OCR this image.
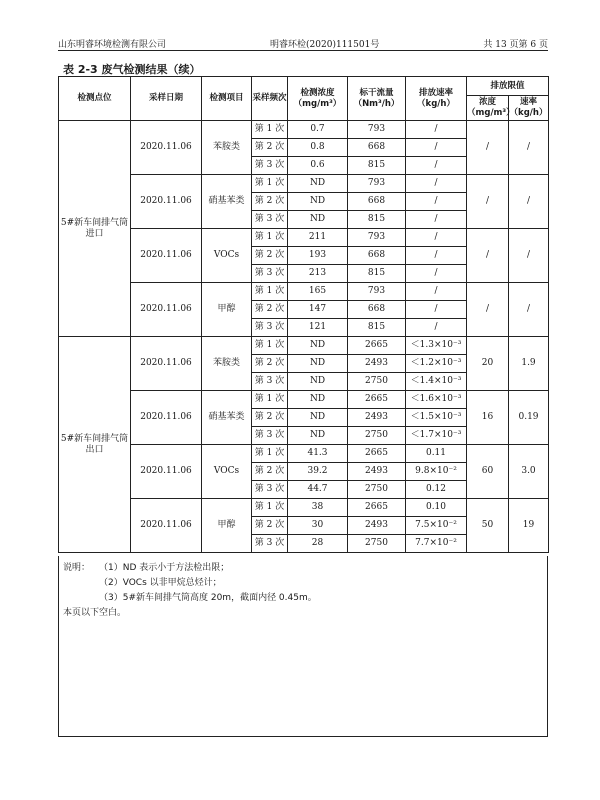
山东明睿环境检测有限公司	明睿环检(2020)111501号	共 13 页第 6 页
表 2-3 废气检测结果（续）
检测点位	采样日期	检测项目	采样频次	检测浓度（mg/m³）	标干流量（Nm³/h）	排放速率（kg/h）	排放限值	
							浓度（mg/m³）	速率（kg/h）
5#新车间排气筒进口	2020.11.06	苯胺类	第 1 次	0.7	793	/	/	/
			第 2 次	0.8	668	/		
			第 3 次	0.6	815	/		
	2020.11.06	硝基苯类	第 1 次	ND	793	/	/	/
			第 2 次	ND	668	/		
			第 3 次	ND	815	/		
	2020.11.06	VOCs	第 1 次	211	793	/	/	/
			第 2 次	193	668	/		
			第 3 次	213	815	/		
	2020.11.06	甲醇	第 1 次	165	793	/	/	/
			第 2 次	147	668	/		
			第 3 次	121	815	/		
5#新车间排气筒出口	2020.11.06	苯胺类	第 1 次	ND	2665	＜1.3×10⁻³	20	1.9
			第 2 次	ND	2493	＜1.2×10⁻³		
			第 3 次	ND	2750	＜1.4×10⁻³		
	2020.11.06	硝基苯类	第 1 次	ND	2665	＜1.6×10⁻³	16	0.19
			第 2 次	ND	2493	＜1.5×10⁻³		
			第 3 次	ND	2750	＜1.7×10⁻³		
	2020.11.06	VOCs	第 1 次	41.3	2665	0.11	60	3.0
			第 2 次	39.2	2493	9.8×10⁻²		
			第 3 次	44.7	2750	0.12		
	2020.11.06	甲醇	第 1 次	38	2665	0.10	50	19
			第 2 次	30	2493	7.5×10⁻²		
			第 3 次	28	2750	7.7×10⁻²		
说明： （1）ND 表示小于方法检出限；
（2）VOCs 以非甲烷总烃计；
（3）5#新车间排气筒高度 20m，截面内径 0.45m。
本页以下空白。
